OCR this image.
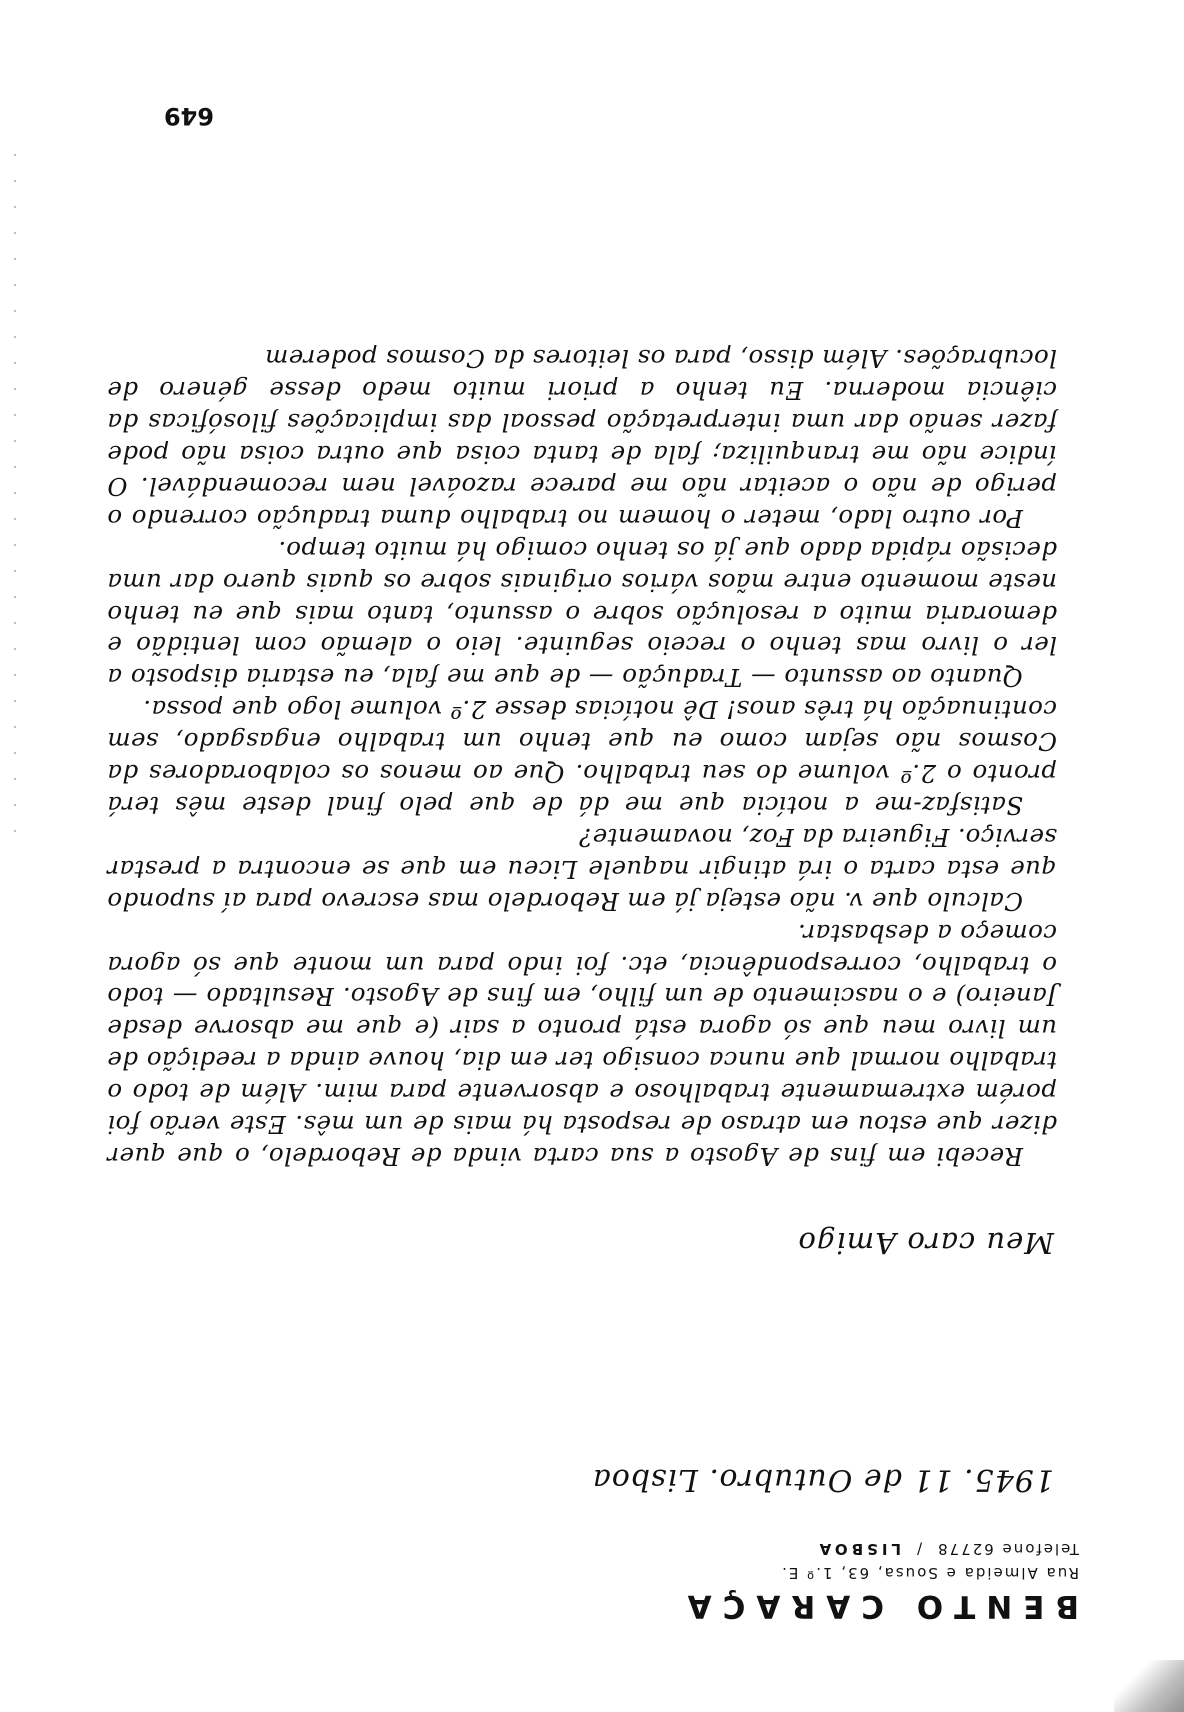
BENTO CARAÇA
Rua Almeida e Sousa, 63, 1.º E.
Telefone 62778/LISBOA
1945. 11 de Outubro. Lisboa
Meu caro Amigo

Recebi em fins de Agosto a sua carta vinda de Rebordelo, o que quer dizer que estou em atraso de resposta há mais de um mês. Este verão foi porém extremamente trabalhoso e absorvente para mim. Além de todo o trabalho normal que nunca consigo ter em dia, houve ainda a reedição de um livro meu que só agora está pronto a sair (e que me absorve desde Janeiro) e o nascimento de um filho, em fins de Agosto. Resultado — todo o trabalho, correspondência, etc. foi indo para um monte que só agora começo a desbastar.

Calculo que v. não esteja já em Rebordelo mas escrevo para aí supondo que esta carta o irá atingir naquele Liceu em que se encontra a prestar serviço. Figueira da Foz, novamente?

Satisfaz-me a notícia que me dá de que pelo final deste mês terá pronto o 2.º volume do seu trabalho. Que ao menos os colaboradores da Cosmos não sejam como eu que tenho um trabalho engasgado, sem continuação há três anos! Dê notícias desse 2.º volume logo que possa.

Quanto ao assunto — Tradução — de que me fala, eu estaria disposto a ler o livro mas tenho o receio seguinte. leio o alemão com lentidão e demoraria muito a resolução sobre o assunto, tanto mais que eu tenho neste momento entre mãos vários originais sobre os quais quero dar uma decisão rápida dado que já os tenho comigo há muito tempo.

Por outro lado, meter o homem no trabalho duma tradução correndo o perigo de não o aceitar não me parece razoável nem recomendável. O índice não me tranquiliza; fala de tanta coisa que outra coisa não pode fazer senão dar uma interpretação pessoal das implicações filosóficas da ciência moderna. Eu tenho a priori muito medo desse género de locubrações. Além disso, para os leitores da Cosmos poderem

649
